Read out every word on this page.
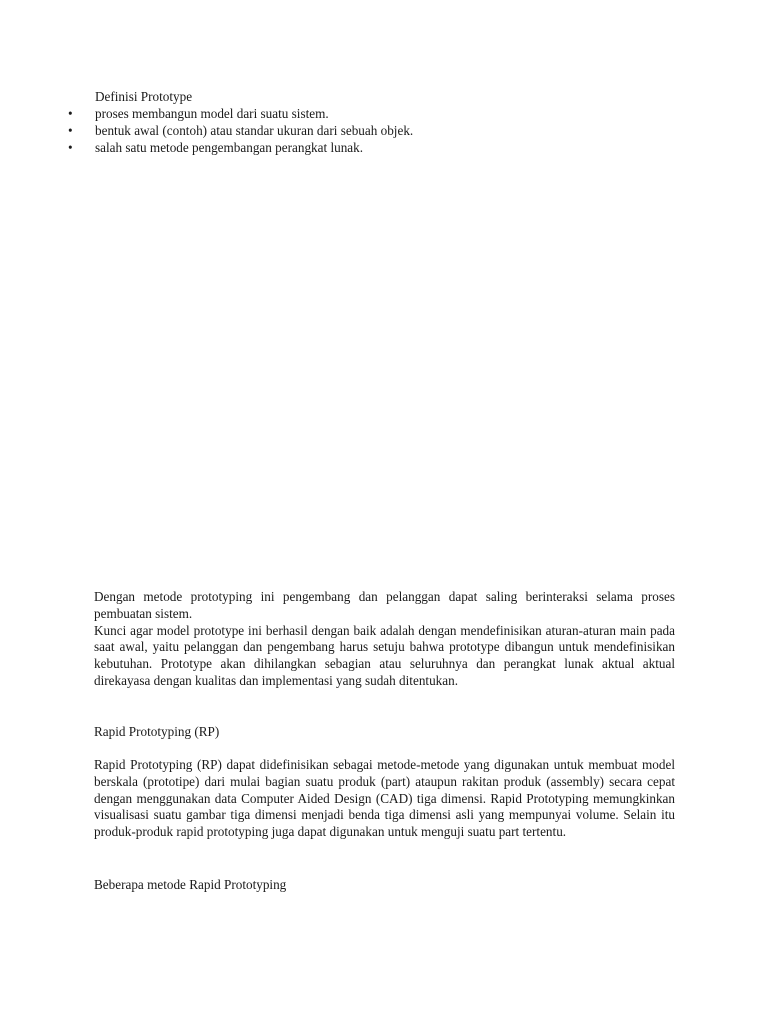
Definisi Prototype
•	proses membangun model dari suatu sistem.
•	bentuk awal (contoh) atau standar ukuran dari sebuah objek.
•	salah satu metode pengembangan perangkat lunak.

Dengan metode prototyping ini pengembang dan pelanggan dapat saling berinteraksi selama proses pembuatan sistem.

Kunci agar model prototype ini berhasil dengan baik adalah dengan mendefinisikan aturan-aturan main pada saat awal, yaitu pelanggan dan pengembang harus setuju bahwa prototype dibangun untuk mendefinisikan kebutuhan. Prototype akan dihilangkan sebagian atau seluruhnya dan perangkat lunak aktual aktual direkayasa dengan kualitas dan implementasi yang sudah ditentukan.

Rapid Prototyping (RP)

Rapid Prototyping (RP) dapat didefinisikan sebagai metode-metode yang digunakan untuk membuat model berskala (prototipe) dari mulai bagian suatu produk (part) ataupun rakitan produk (assembly) secara cepat dengan menggunakan data Computer Aided Design (CAD) tiga dimensi. Rapid Prototyping memungkinkan visualisasi suatu gambar tiga dimensi menjadi benda tiga dimensi asli yang mempunyai volume. Selain itu produk-produk rapid prototyping juga dapat digunakan untuk menguji suatu part tertentu.

Beberapa metode Rapid Prototyping
